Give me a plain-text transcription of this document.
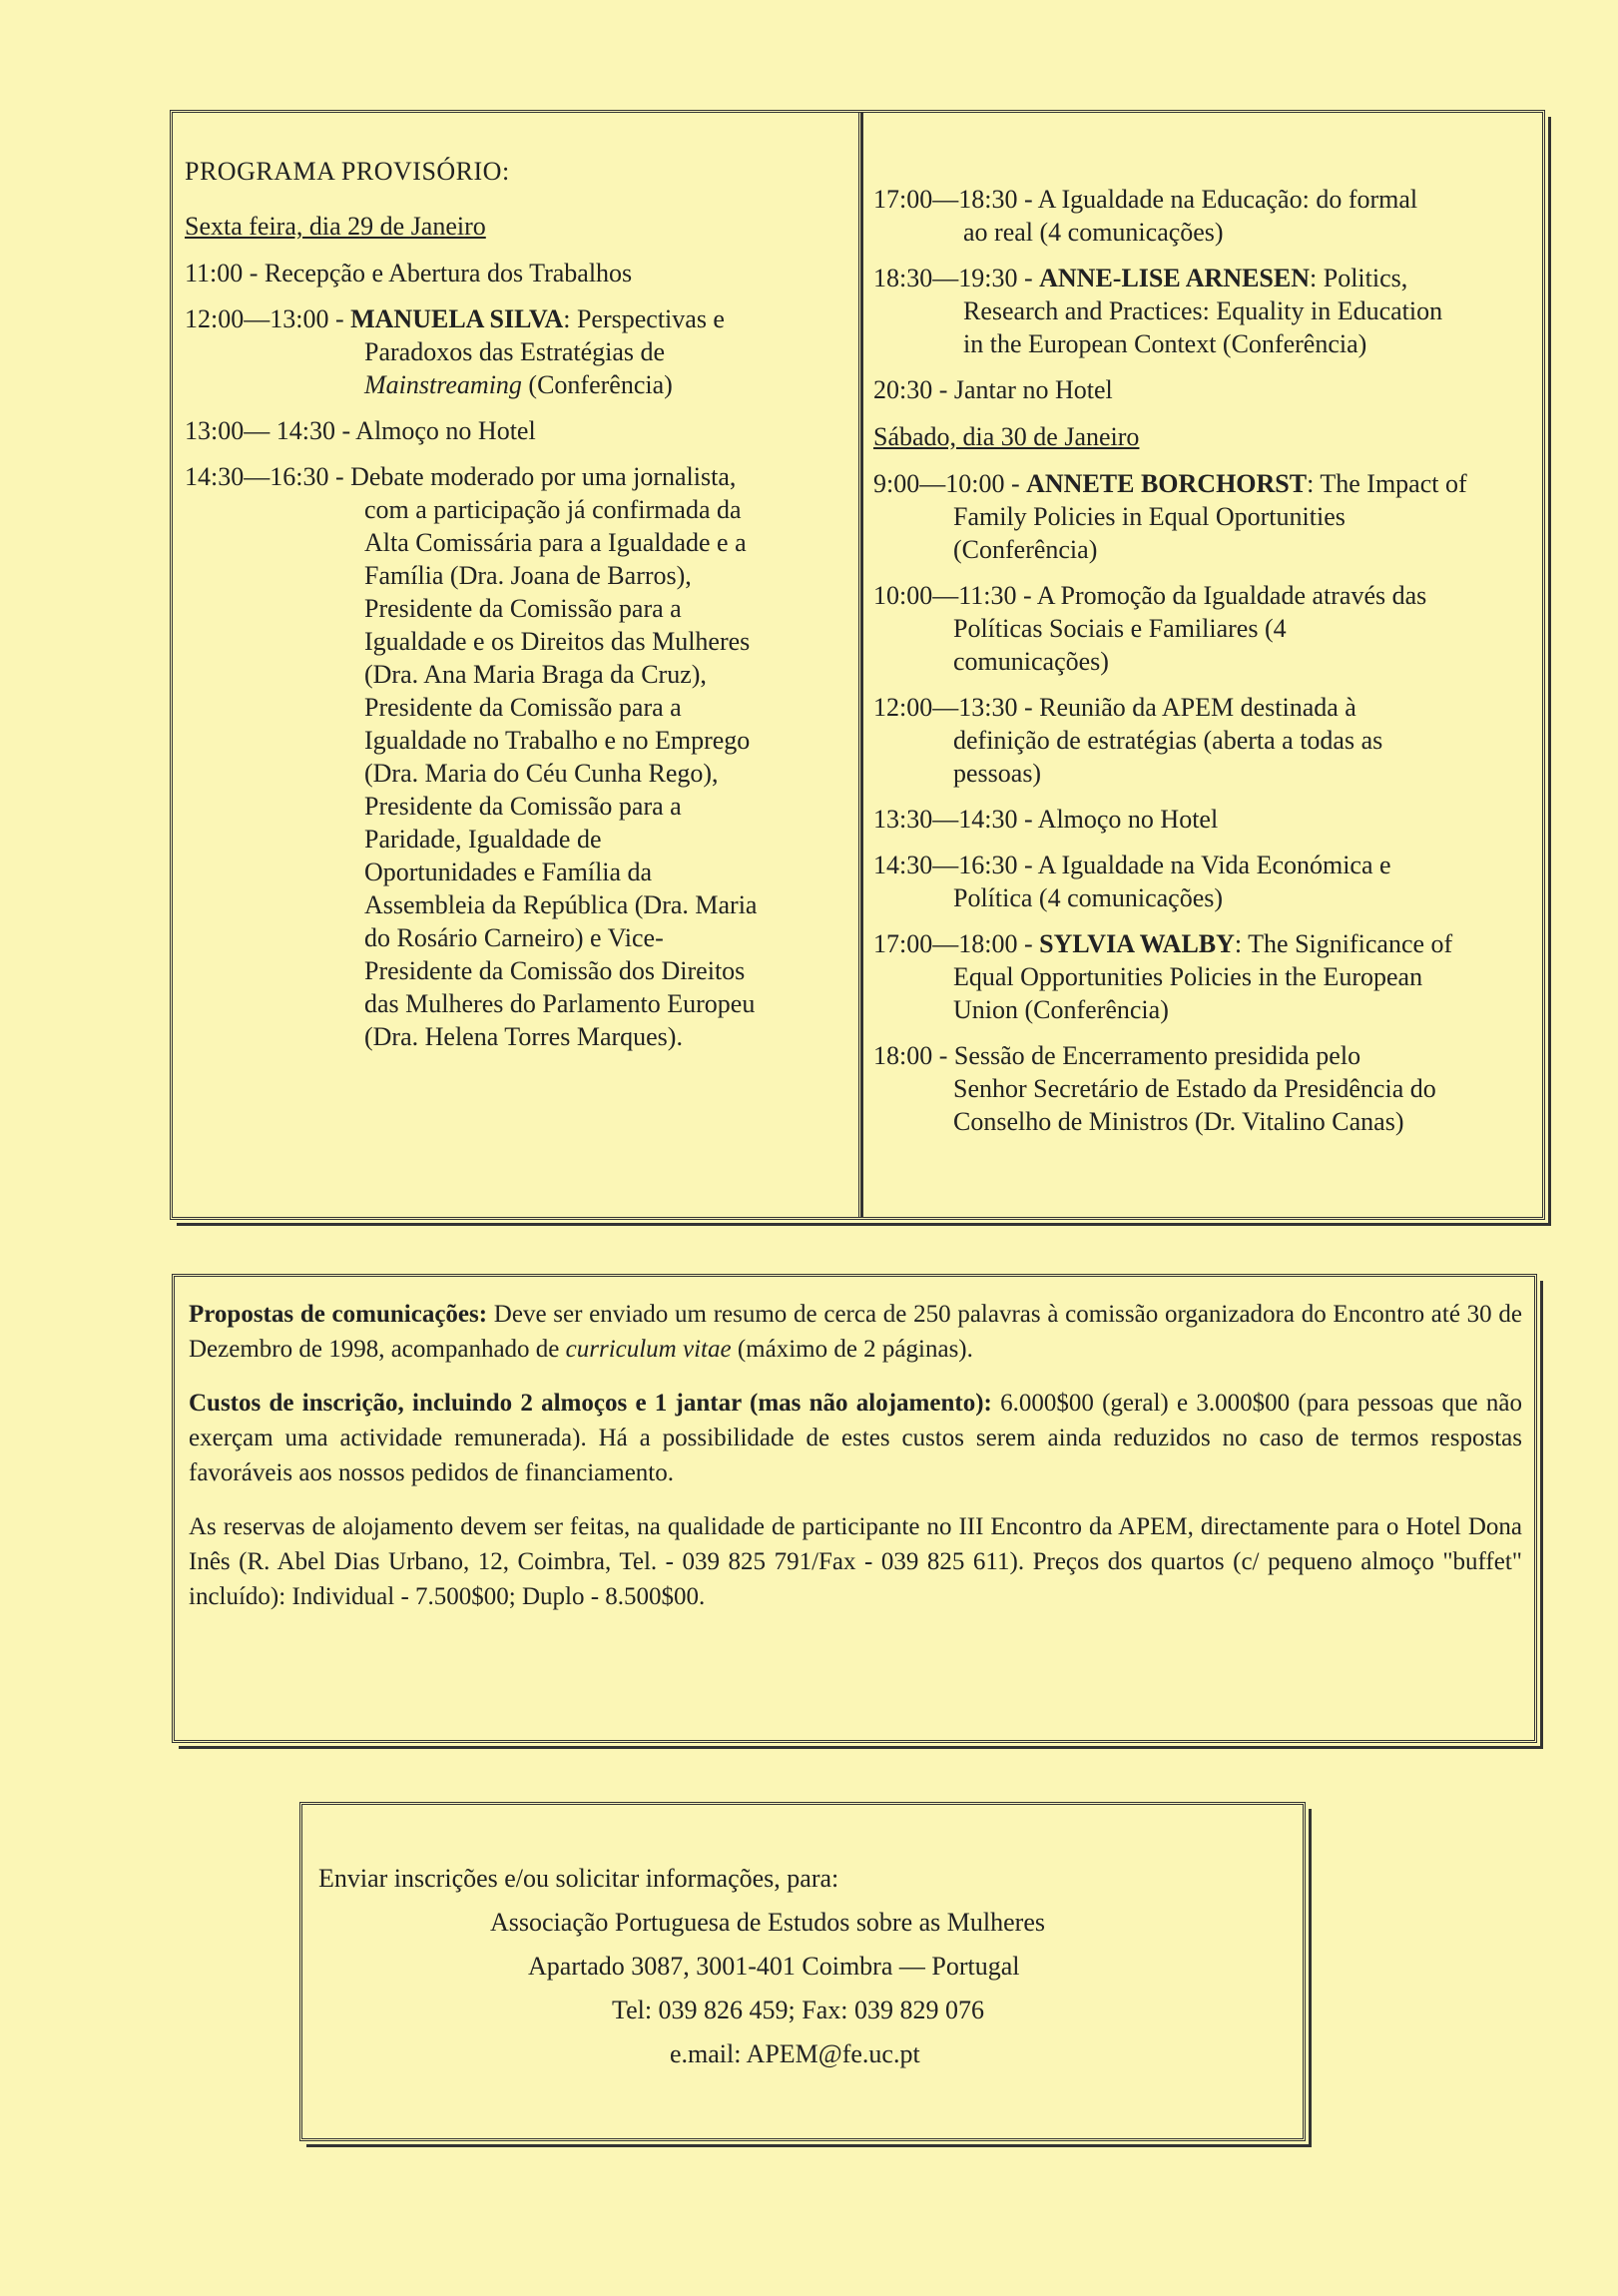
PROGRAMA PROVISÓRIO:
Sexta feira, dia 29 de Janeiro
11:00 - Recepção e Abertura dos Trabalhos
12:00—13:00 - MANUELA SILVA: Perspectivas e
Paradoxos das Estratégias de
Mainstreaming (Conferência)
13:00— 14:30 - Almoço no Hotel
14:30—16:30 - Debate moderado por uma jornalista,
com a participação já confirmada da
Alta Comissária para a Igualdade e a
Família (Dra. Joana de Barros),
Presidente da Comissão para a
Igualdade e os Direitos das Mulheres
(Dra. Ana Maria Braga da Cruz),
Presidente da Comissão para a
Igualdade no Trabalho e no Emprego
(Dra. Maria do Céu Cunha Rego),
Presidente da Comissão para a
Paridade, Igualdade de
Oportunidades e Família da
Assembleia da República (Dra. Maria
do Rosário Carneiro) e Vice-
Presidente da Comissão dos Direitos
das Mulheres do Parlamento Europeu
(Dra. Helena Torres Marques).
17:00—18:30 - A Igualdade na Educação: do formal
ao real (4 comunicações)
18:30—19:30 - ANNE-LISE ARNESEN: Politics,
Research and Practices: Equality in Education
in the European Context (Conferência)
20:30 - Jantar no Hotel
Sábado, dia 30 de Janeiro
9:00—10:00 - ANNETE BORCHORST: The Impact of
Family Policies in Equal Oportunities
(Conferência)
10:00—11:30 - A Promoção da Igualdade através das
Políticas Sociais e Familiares (4
comunicações)
12:00—13:30 - Reunião da APEM destinada à
definição de estratégias (aberta a todas as
pessoas)
13:30—14:30 - Almoço no Hotel
14:30—16:30 - A Igualdade na Vida Económica e
Política (4 comunicações)
17:00—18:00 - SYLVIA WALBY: The Significance of
Equal Opportunities Policies in the European
Union (Conferência)
18:00 - Sessão de Encerramento presidida pelo
Senhor Secretário de Estado da Presidência do
Conselho de Ministros (Dr. Vitalino Canas)

Propostas de comunicações: Deve ser enviado um resumo de cerca de 250 palavras à comissão organizadora do Encontro até 30 de Dezembro de 1998, acompanhado de curriculum vitae (máximo de 2 páginas).

Custos de inscrição, incluindo 2 almoços e 1 jantar (mas não alojamento): 6.000$00 (geral) e 3.000$00 (para pessoas que não exerçam uma actividade remunerada). Há a possibilidade de estes custos serem ainda reduzidos no caso de termos respostas favoráveis aos nossos pedidos de financiamento.

As reservas de alojamento devem ser feitas, na qualidade de participante no III Encontro da APEM, directamente para o Hotel Dona Inês (R. Abel Dias Urbano, 12, Coimbra, Tel. - 039 825 791/Fax - 039 825 611). Preços dos quartos (c/ pequeno almoço "buffet" incluído): Individual - 7.500$00; Duplo - 8.500$00.

Enviar inscrições e/ou solicitar informações, para:
Associação Portuguesa de Estudos sobre as Mulheres
Apartado 3087, 3001-401 Coimbra — Portugal
Tel: 039 826 459; Fax: 039 829 076
e.mail: APEM@fe.uc.pt
